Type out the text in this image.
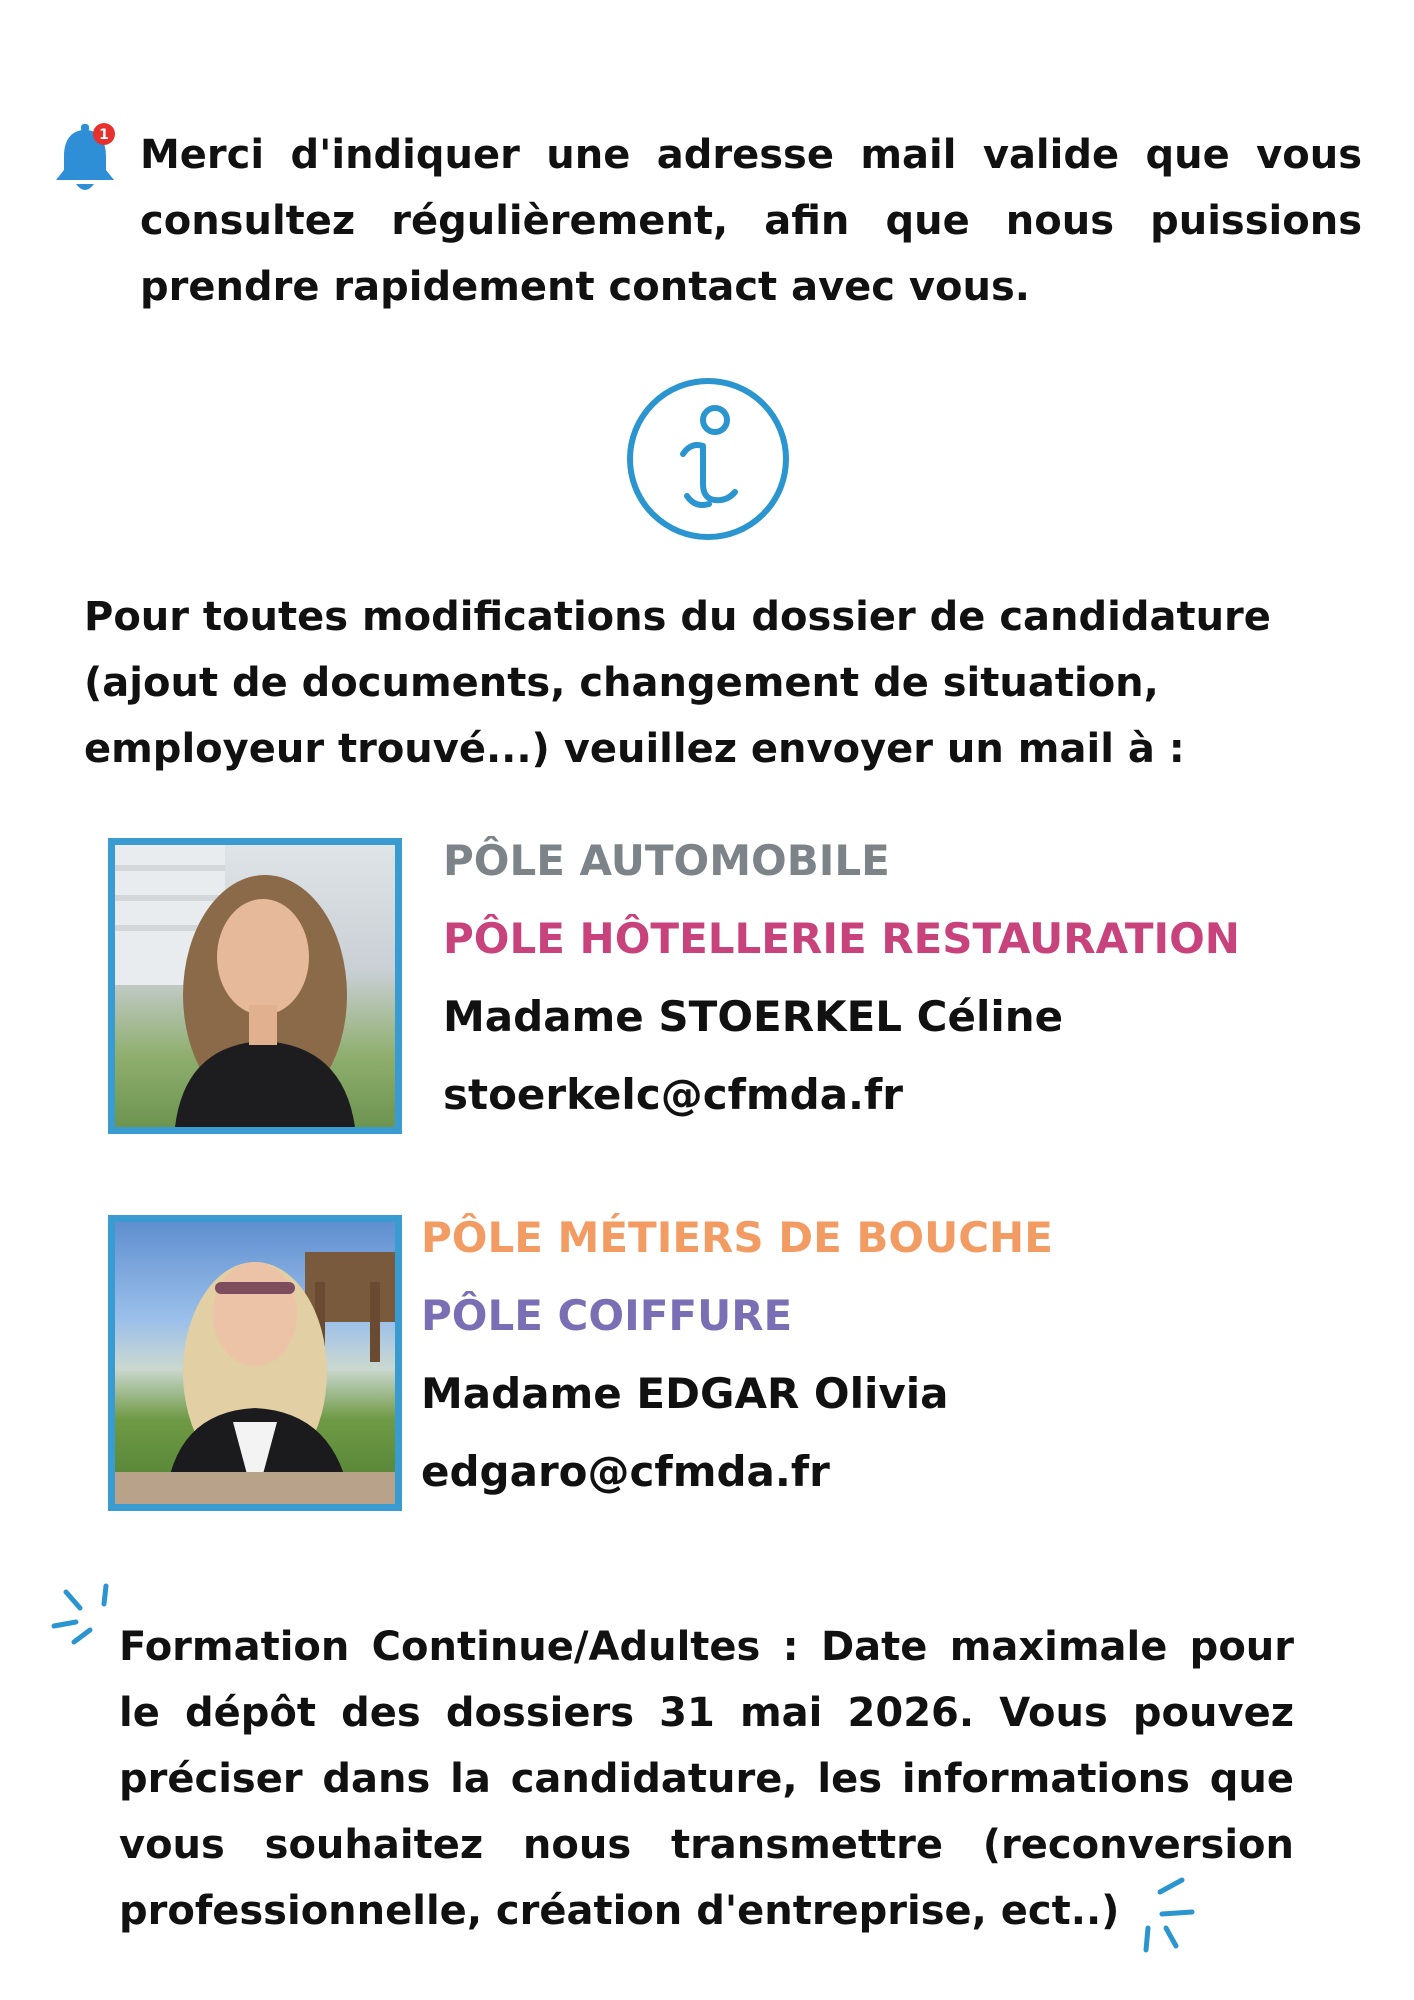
1 Merci d'indiquer une adresse mail valide que vous consultez régulièrement, afin que nous puissions prendre rapidement contact avec vous.

Pour toutes modifications du dossier de candidature (ajout de documents, changement de situation, employeur trouvé...) veuillez envoyer un mail à :

PÔLE AUTOMOBILE

PÔLE HÔTELLERIE RESTAURATION

Madame STOERKEL Céline

stoerkelc@cfmda.fr

PÔLE MÉTIERS DE BOUCHE

PÔLE COIFFURE

Madame EDGAR Olivia

edgaro@cfmda.fr

Formation Continue/Adultes : Date maximale pour le dépôt des dossiers 31 mai 2026. Vous pouvez préciser dans la candidature, les informations que vous souhaitez nous transmettre (reconversion professionnelle, création d'entreprise, ect..)
